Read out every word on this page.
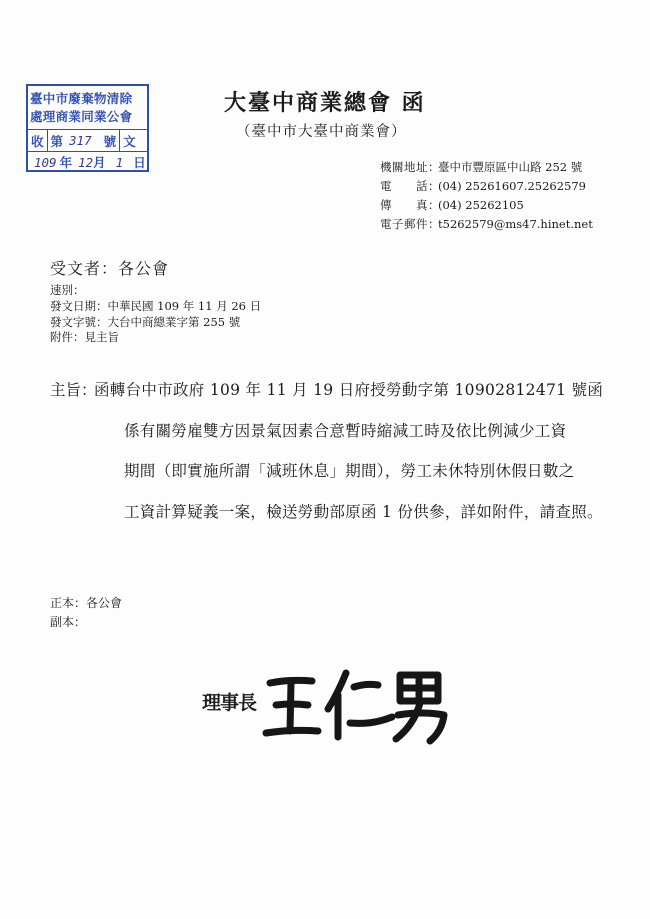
臺中市廢棄物清除
處理商業同業公會
收 第 317 號 文
109 年 12 月 1 日
大臺中商業總會 函
（臺中市大臺中商業會）
機關地址：
臺中市豐原區中山路 252 號
電　　話：
(04) 25261607.25262579
傳　　真：
(04) 25262105
電子郵件：
t5262579@ms47.hinet.net
受文者：各公會
速別：
發文日期：中華民國 109 年 11 月 26 日
發文字號：大台中商總業字第 255 號
附件：見主旨
主旨：
函轉台中市政府 109 年 11 月 19 日府授勞動字第 10902812471 號函
係有關勞雇雙方因景氣因素合意暫時縮減工時及依比例減少工資
期間（即實施所謂「減班休息」期間），勞工未休特別休假日數之
工資計算疑義一案，檢送勞動部原函 1 份供參，詳如附件，請查照。
正本：各公會
副本：
理事長
